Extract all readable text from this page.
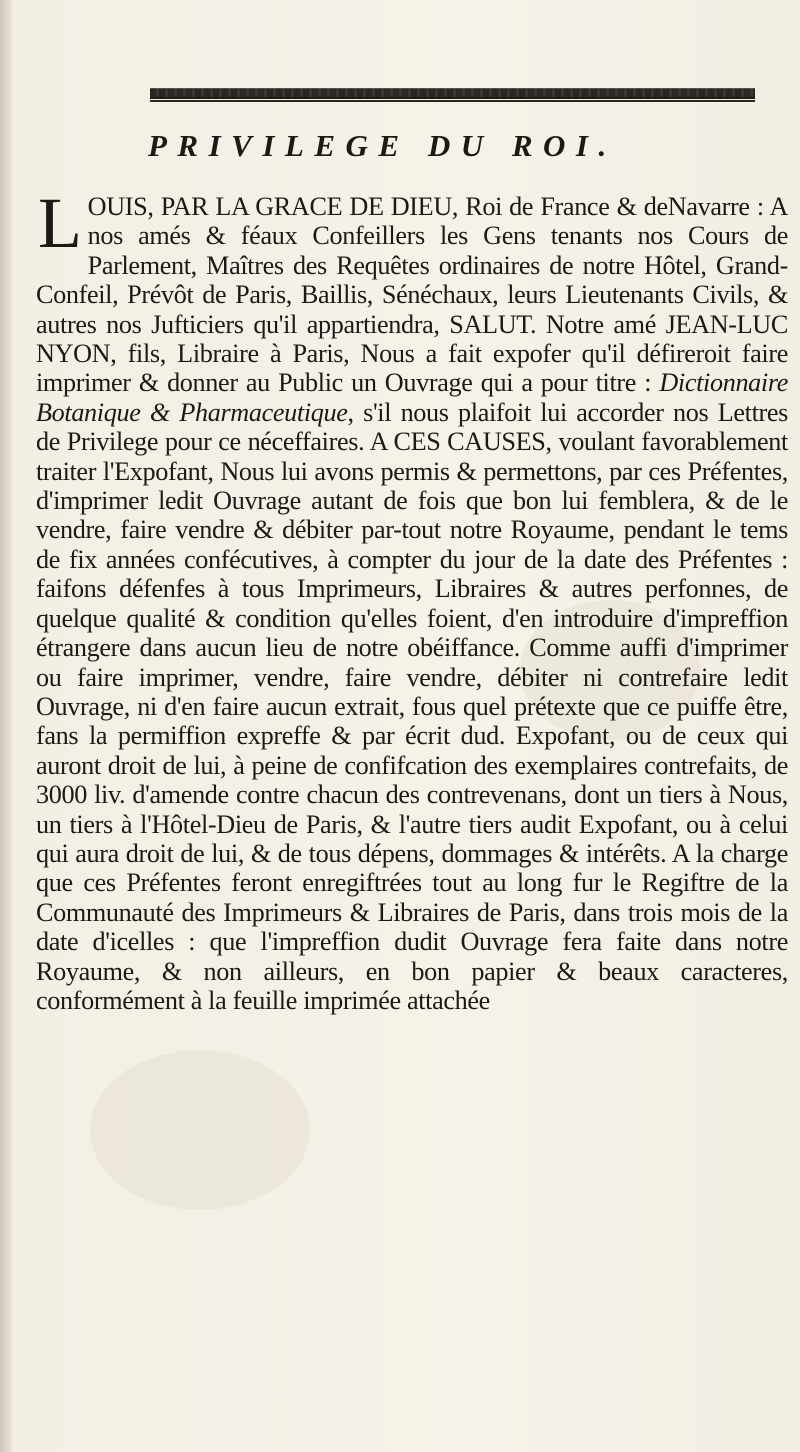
PRIVILEGE DU ROI.
L OUIS, PAR LA GRACE DE DIEU, Roi de France & deNavarre : A nos amés & féaux Confeillers les Gens tenants nos Cours de Parlement, Maîtres des Requêtes ordinaires de notre Hôtel, Grand-Confeil, Prévôt de Paris, Baillis, Sénéchaux, leurs Lieutenants Civils, & autres nos Jufticiers qu'il appartiendra, SALUT. Notre amé JEAN-LUC NYON, fils, Libraire à Paris, Nous a fait expofer qu'il défireroit faire imprimer & donner au Public un Ouvrage qui a pour titre : Dictionnaire Botanique & Pharmaceutique, s'il nous plaifoit lui accorder nos Lettres de Privilege pour ce néceffaires. A CES CAUSES, voulant favorablement traiter l'Expofant, Nous lui avons permis & permettons, par ces Préfentes, d'imprimer ledit Ouvrage autant de fois que bon lui femblera, & de le vendre, faire vendre & débiter par-tout notre Royaume, pendant le tems de fix années confécutives, à compter du jour de la date des Préfentes : faifons défenfes à tous Imprimeurs, Libraires & autres perfonnes, de quelque qualité & condition qu'elles foient, d'en introduire d'impreffion étrangere dans aucun lieu de notre obéiffance. Comme auffi d'imprimer ou faire imprimer, vendre, faire vendre, débiter ni contrefaire ledit Ouvrage, ni d'en faire aucun extrait, fous quel prétexte que ce puiffe être, fans la permiffion expreffe & par écrit dud. Expofant, ou de ceux qui auront droit de lui, à peine de confifcation des exemplaires contrefaits, de 3000 liv. d'amende contre chacun des contrevenans, dont un tiers à Nous, un tiers à l'Hôtel-Dieu de Paris, & l'autre tiers audit Expofant, ou à celui qui aura droit de lui, & de tous dépens, dommages & intérêts. A la charge que ces Préfentes feront enregiftrées tout au long fur le Regiftre de la Communauté des Imprimeurs & Libraires de Paris, dans trois mois de la date d'icelles : que l'impreffion dudit Ouvrage fera faite dans notre Royaume, & non ailleurs, en bon papier & beaux caracteres, conformément à la feuille imprimée attachée
